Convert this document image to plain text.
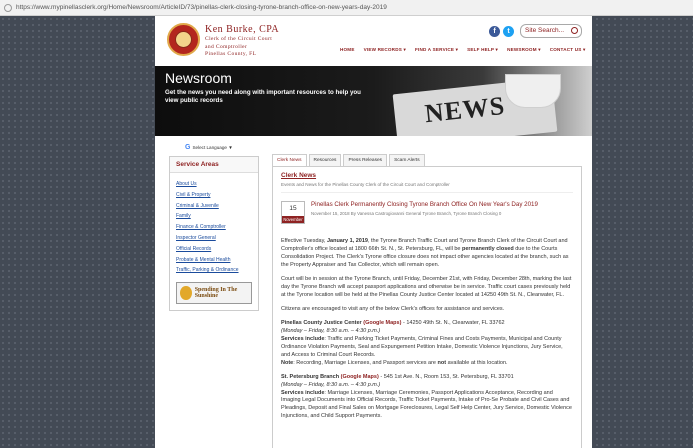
https://www.mypinellasclerk.org/Home/Newsroom/ArticleID/73/pinellas-clerk-closing-tyrone-branch-office-on-new-years-day-2019
Ken Burke, CPA
Clerk of the Circuit Court
and Comptroller
Pinellas County, FL
f	t	Site Search...
HOME VIEW RECORDS ▾ FIND A SERVICE ▾ SELF HELP ▾ NEWSROOM ▾ CONTACT US ▾
NEWS
Newsroom
Get the news you need along with important resources to help you view public records
G Select Language ▼
Service Areas
About Us
Civil & Property
Criminal & Juvenile
Family
Finance & Comptroller
Inspector General
Official Records
Probate & Mental Health
Traffic, Parking & Ordinance
Spending In The Sunshine
Clerk News	Resources	Press Releases	Scam Alerts
Clerk News
Events and News for the Pinellas County Clerk of the Circuit Court and Comptroller
15
November
Pinellas Clerk Permanently Closing Tyrone Branch Office On New Year's Day 2019
November 15, 2018 By Vanessa Castrogiovanni General Tyrone Branch, Tyrone Branch Closing 0

Effective Tuesday, January 1, 2019, the Tyrone Branch Traffic Court and Tyrone Branch Clerk of the Circuit Court and Comptroller's office located at 1800 66th St. N., St. Petersburg, FL, will be permanently closed due to the Courts Consolidation Project. The Clerk's Tyrone office closure does not impact other agencies located at the branch, such as the Property Appraiser and Tax Collector, which will remain open.

Court will be in session at the Tyrone Branch, until Friday, December 21st, with Friday, December 28th, marking the last day the Tyrone Branch will accept passport applications and otherwise be in service. Traffic court cases previously held at the Tyrone location will be held at the Pinellas County Justice Center located at 14250 49th St. N., Clearwater, FL.

Citizens are encouraged to visit any of the below Clerk's offices for assistance and services.

Pinellas County Justice Center (Google Maps) - 14250 49th St. N., Clearwater, FL 33762
(Monday – Friday, 8:30 a.m. – 4:30 p.m.)
Services include: Traffic and Parking Ticket Payments, Criminal Fines and Costs Payments, Municipal and County Ordinance Violation Payments, Seal and Expungement Petition Intake, Domestic Violence Injunctions, Jury Service, and Access to Criminal Court Records.
Note: Recording, Marriage Licenses, and Passport services are not available at this location.

St. Petersburg Branch (Google Maps) - 545 1st Ave. N., Room 153, St. Petersburg, FL 33701
(Monday – Friday, 8:30 a.m. – 4:30 p.m.)
Services include: Marriage Licenses, Marriage Ceremonies, Passport Applications Acceptance, Recording and Imaging Legal Documents into Official Records, Traffic Ticket Payments, Intake of Pro-Se Probate and Civil Cases and Pleadings, Deposit and Final Sales on Mortgage Foreclosures, Legal Self Help Center, Jury Service, Domestic Violence Injunctions, and Child Support Payments.
